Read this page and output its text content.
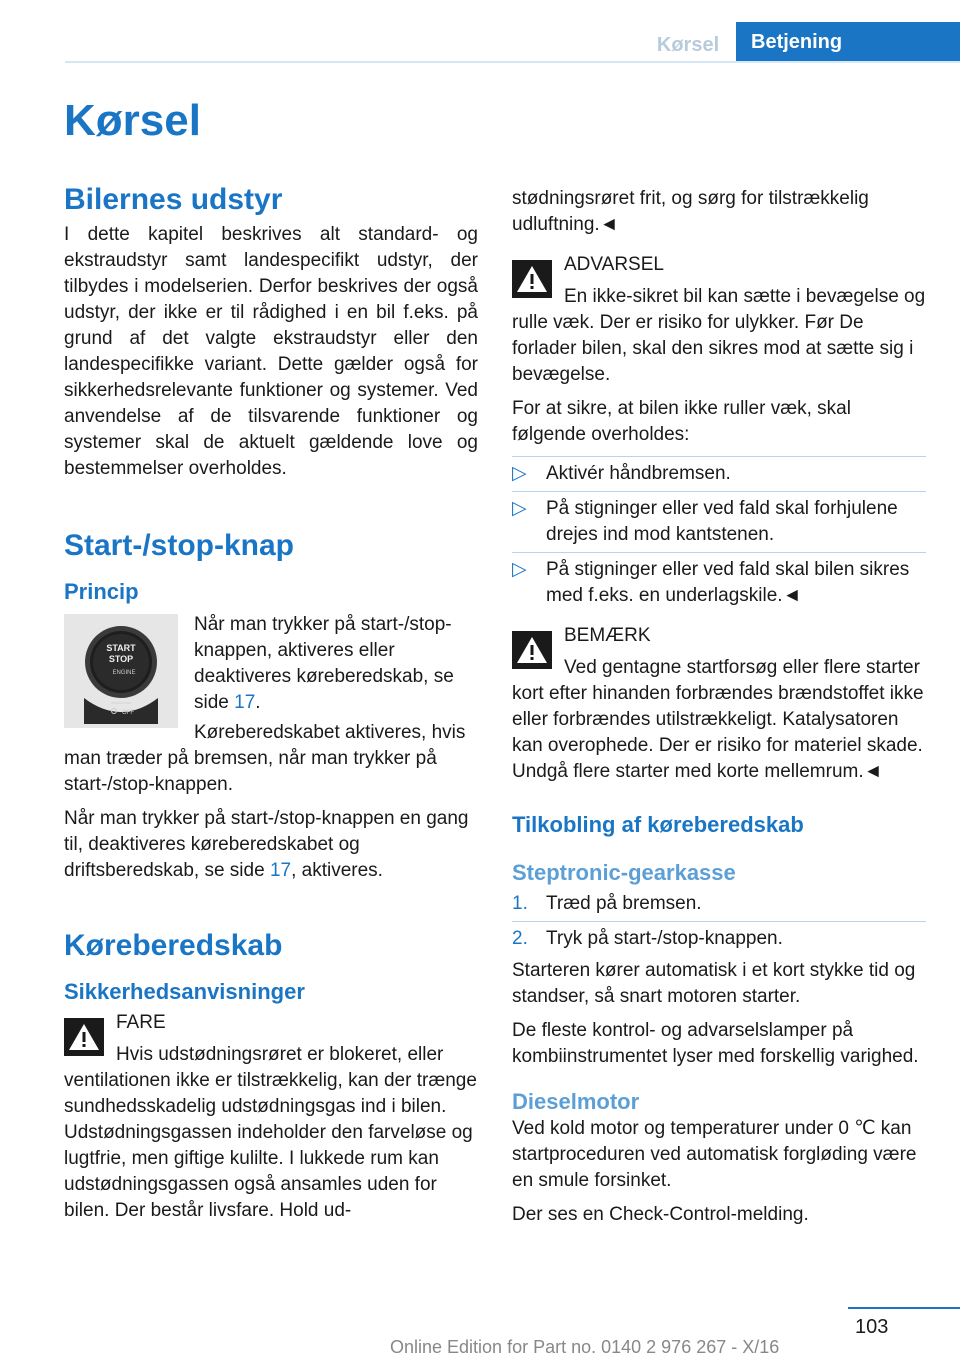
Kørsel	Betjening
Kørsel
Bilernes udstyr

I dette kapitel beskrives alt standard- og ekstraudstyr samt landespecifikt udstyr, der tilbydes i modelserien. Derfor beskrives der også udstyr, der ikke er til rådighed i en bil f.eks. på grund af det valgte ekstraudstyr eller den landespecifikke variant. Dette gælder også for sikkerhedsrelevante funktioner og systemer. Ved anvendelse af de tilsvarende funktioner og systemer skal de aktuelt gældende love og bestemmelser overholdes.

Start-/stop-knap
Princip
START
STOP
ENGINE
OFF

Når man trykker på start-/stop-knappen, aktiveres eller deaktiveres køreberedskab, se side 17.

Køreberedskabet aktiveres, hvis man træder på bremsen, når man trykker på start-/stop-knappen.

Når man trykker på start-/stop-knappen en gang til, deaktiveres køreberedskabet og driftsberedskab, se side 17, aktiveres.

Køreberedskab
Sikkerhedsanvisninger
FARE

Hvis udstødningsrøret er blokeret, eller ventilationen ikke er tilstrækkelig, kan der trænge sundhedsskadelig udstødningsgas ind i bilen. Udstødningsgassen indeholder den farveløse og lugtfrie, men giftige kulilte. I lukkede rum kan udstødningsgassen også ansamles uden for bilen. Der består livsfare. Hold ud-

stødningsrøret frit, og sørg for tilstrækkelig udluftning.◄

ADVARSEL

En ikke-sikret bil kan sætte i bevægelse og rulle væk. Der er risiko for ulykker. Før De forlader bilen, skal den sikres mod at sætte sig i bevægelse.

For at sikre, at bilen ikke ruller væk, skal følgende overholdes:

▷ Aktivér håndbremsen.
▷ På stigninger eller ved fald skal forhjulene drejes ind mod kantstenen.
▷ På stigninger eller ved fald skal bilen sikres med f.eks. en underlagskile.◄
BEMÆRK

Ved gentagne startforsøg eller flere starter kort efter hinanden forbrændes brændstoffet ikke eller forbrændes utilstrækkeligt. Katalysatoren kan overophede. Der er risiko for materiel skade. Undgå flere starter med korte mellemrum.◄

Tilkobling af køreberedskab
Steptronic-gearkasse
1. Træd på bremsen.
2. Tryk på start-/stop-knappen.

Starteren kører automatisk i et kort stykke tid og standser, så snart motoren starter.

De fleste kontrol- og advarselslamper på kombiinstrumentet lyser med forskellig varighed.

Dieselmotor

Ved kold motor og temperaturer under 0 ℃ kan startproceduren ved automatisk forgløding være en smule forsinket.

Der ses en Check-Control-melding.

103
Online Edition for Part no. 0140 2 976 267 - X/16
